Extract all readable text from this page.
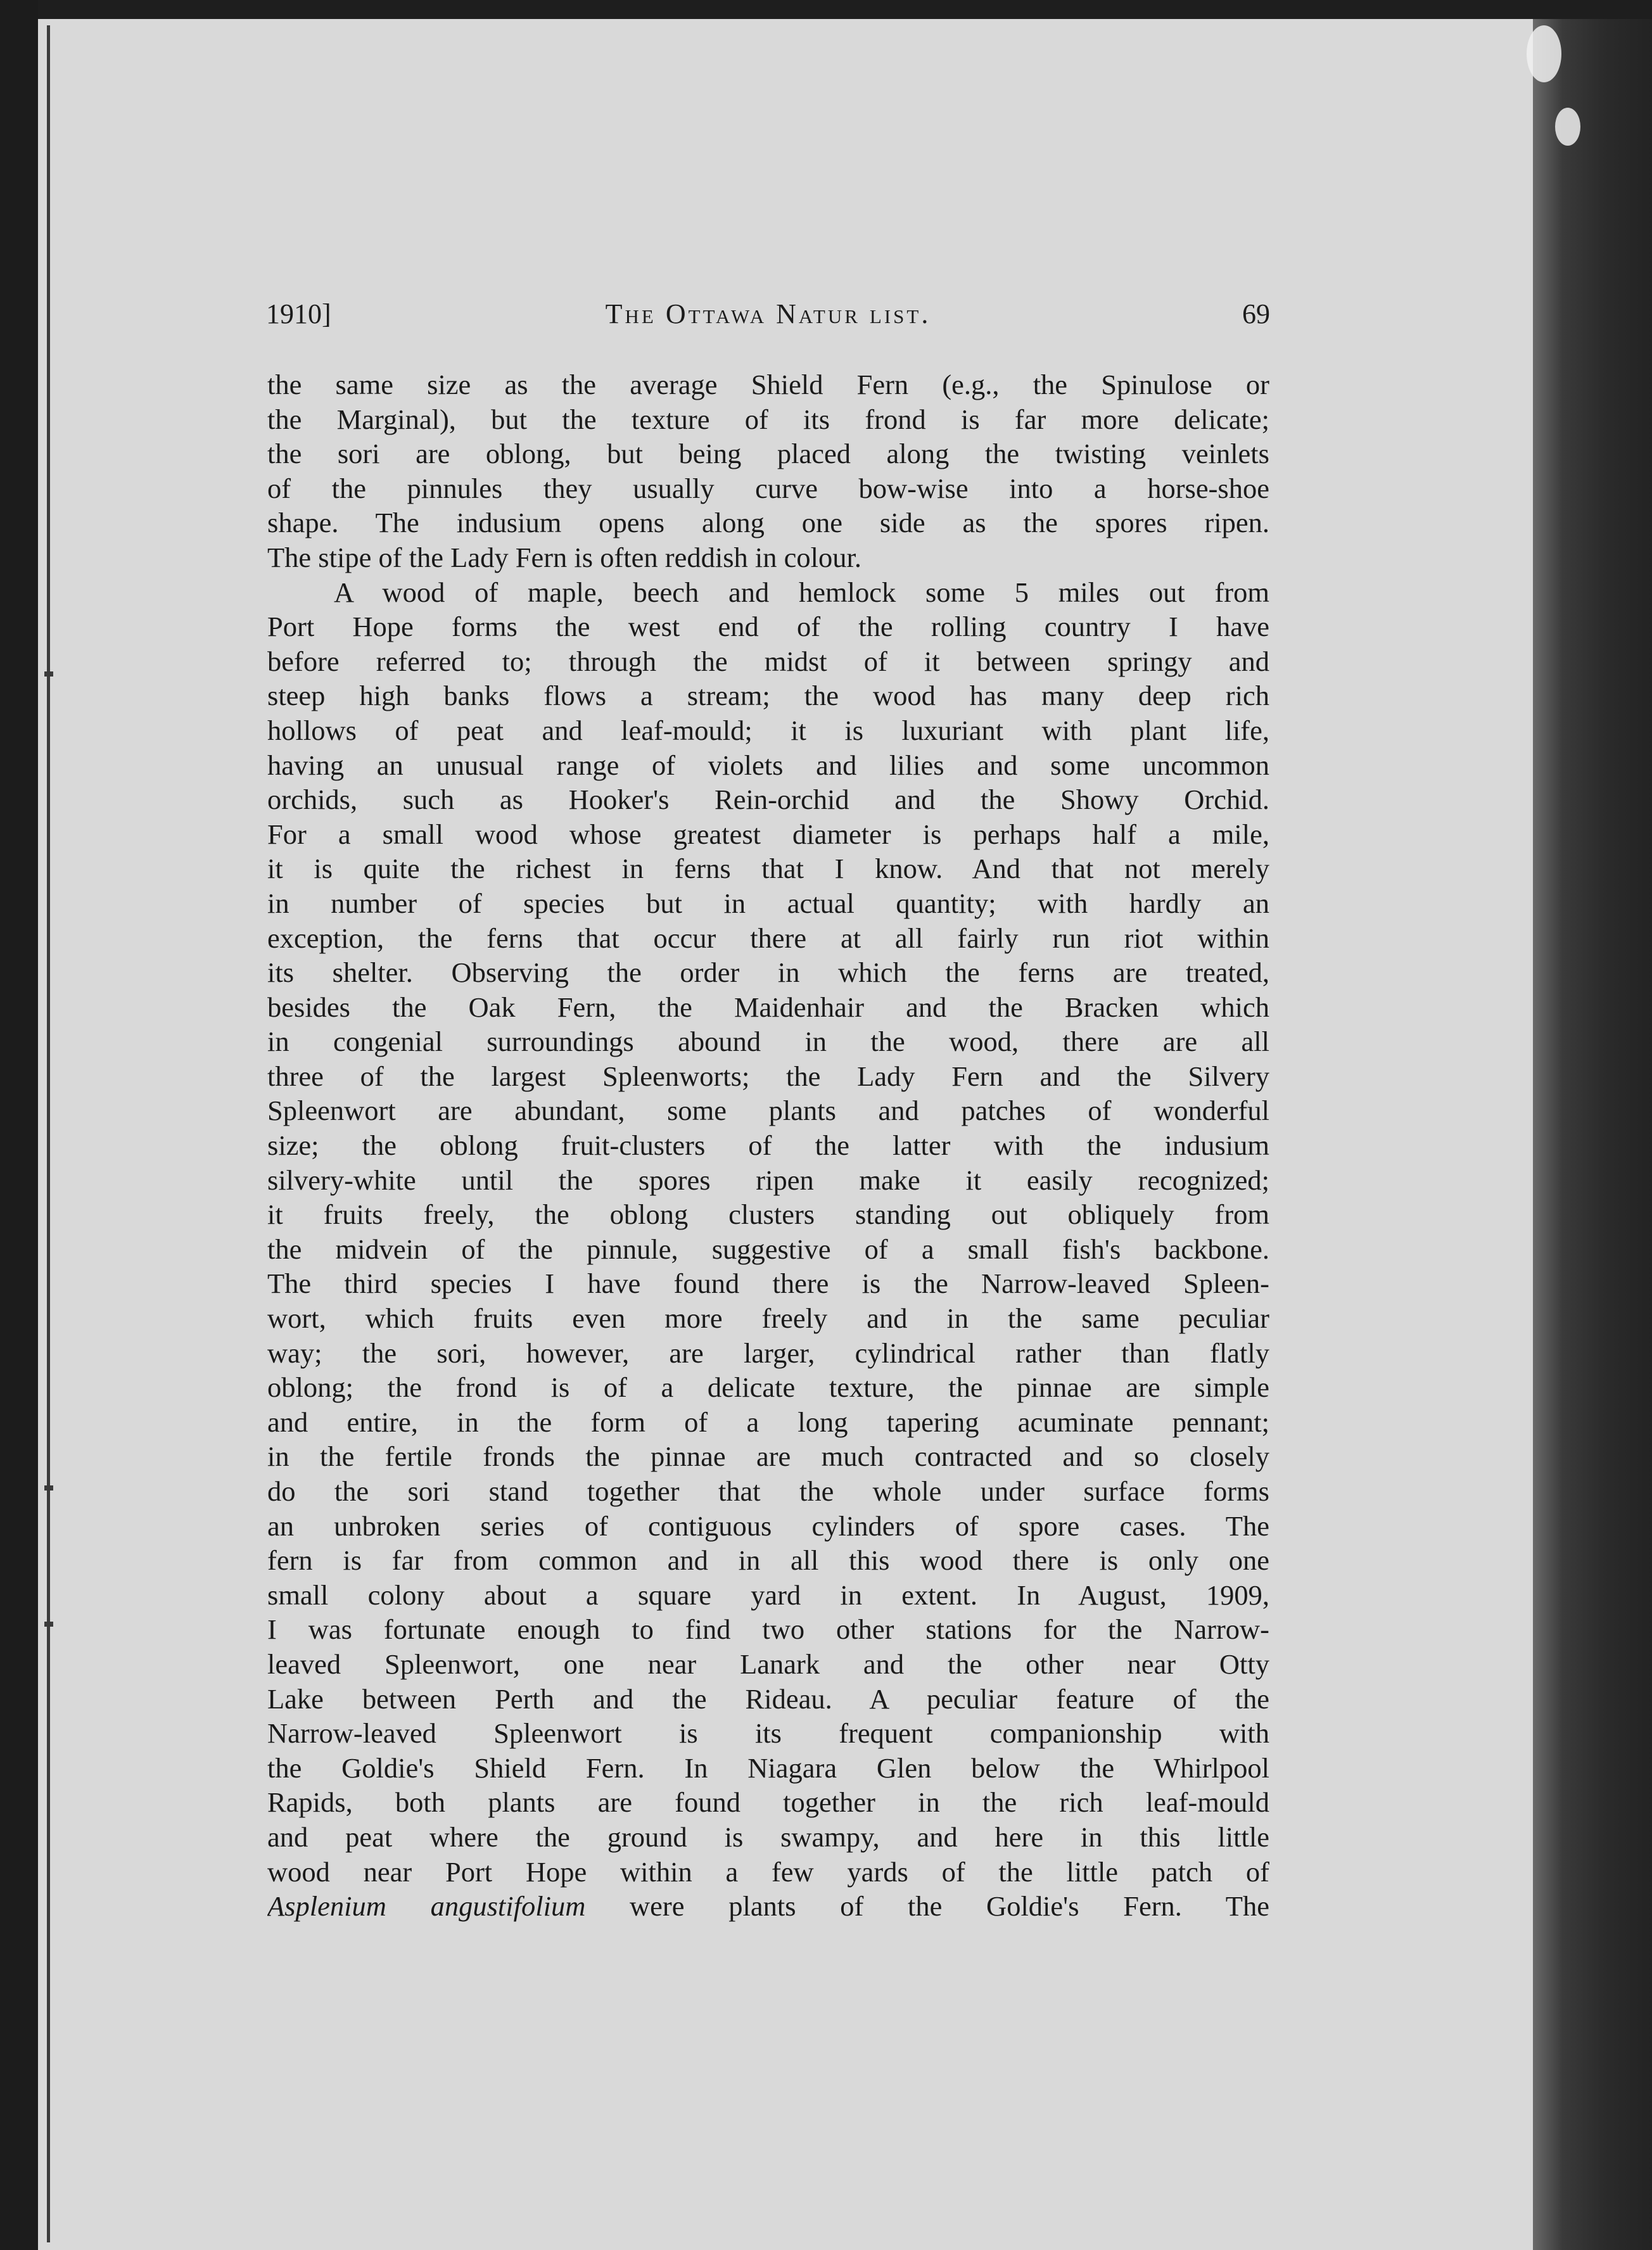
1910]	The Ottawa Natur list.	69
the same size as the average Shield Fern (e.g., the Spinulose or
the Marginal), but the texture of its frond is far more delicate;
the sori are oblong, but being placed along the twisting veinlets
of the pinnules they usually curve bow-wise into a horse-shoe
shape. The indusium opens along one side as the spores ripen.
The stipe of the Lady Fern is often reddish in colour.
A wood of maple, beech and hemlock some 5 miles out from
Port Hope forms the west end of the rolling country I have
before referred to; through the midst of it between springy and
steep high banks flows a stream; the wood has many deep rich
hollows of peat and leaf-mould; it is luxuriant with plant life,
having an unusual range of violets and lilies and some uncommon
orchids, such as Hooker's Rein-orchid and the Showy Orchid.
For a small wood whose greatest diameter is perhaps half a mile,
it is quite the richest in ferns that I know. And that not merely
in number of species but in actual quantity; with hardly an
exception, the ferns that occur there at all fairly run riot within
its shelter. Observing the order in which the ferns are treated,
besides the Oak Fern, the Maidenhair and the Bracken which
in congenial surroundings abound in the wood, there are all
three of the largest Spleenworts; the Lady Fern and the Silvery
Spleenwort are abundant, some plants and patches of wonderful
size; the oblong fruit-clusters of the latter with the indusium
silvery-white until the spores ripen make it easily recognized;
it fruits freely, the oblong clusters standing out obliquely from
the midvein of the pinnule, suggestive of a small fish's backbone.
The third species I have found there is the Narrow-leaved Spleen-
wort, which fruits even more freely and in the same peculiar
way; the sori, however, are larger, cylindrical rather than flatly
oblong; the frond is of a delicate texture, the pinnae are simple
and entire, in the form of a long tapering acuminate pennant;
in the fertile fronds the pinnae are much contracted and so closely
do the sori stand together that the whole under surface forms
an unbroken series of contiguous cylinders of spore cases. The
fern is far from common and in all this wood there is only one
small colony about a square yard in extent. In August, 1909,
I was fortunate enough to find two other stations for the Narrow-
leaved Spleenwort, one near Lanark and the other near Otty
Lake between Perth and the Rideau. A peculiar feature of the
Narrow-leaved Spleenwort is its frequent companionship with
the Goldie's Shield Fern. In Niagara Glen below the Whirlpool
Rapids, both plants are found together in the rich leaf-mould
and peat where the ground is swampy, and here in this little
wood near Port Hope within a few yards of the little patch of
Asplenium angustifolium were plants of the Goldie's Fern. The
